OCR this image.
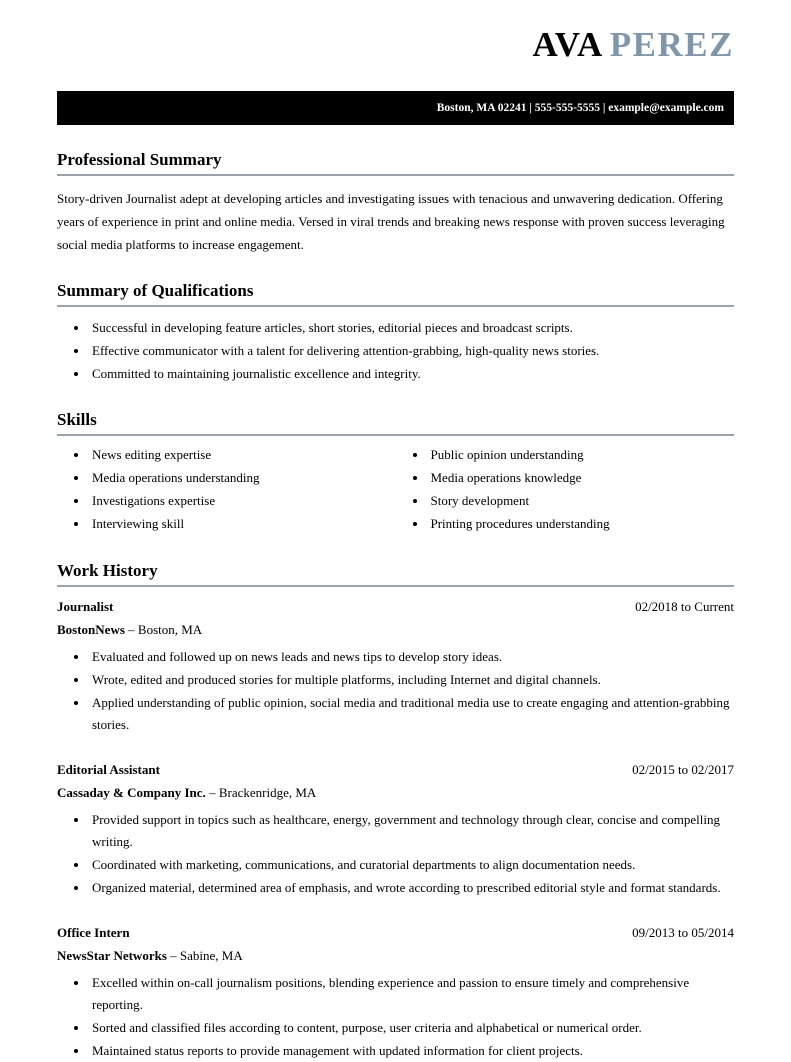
AVA PEREZ
Boston, MA 02241 | 555-555-5555 | example@example.com
Professional Summary

Story-driven Journalist adept at developing articles and investigating issues with tenacious and unwavering dedication. Offering years of experience in print and online media. Versed in viral trends and breaking news response with proven success leveraging social media platforms to increase engagement.

Summary of Qualifications
• Successful in developing feature articles, short stories, editorial pieces and broadcast scripts.
• Effective communicator with a talent for delivering attention-grabbing, high-quality news stories.
• Committed to maintaining journalistic excellence and integrity.
Skills
• News editing expertise
• Media operations understanding
• Investigations expertise
• Interviewing skill
• Public opinion understanding
• Media operations knowledge
• Story development
• Printing procedures understanding
Work History
Journalist	02/2018 to Current
BostonNews – Boston, MA
• Evaluated and followed up on news leads and news tips to develop story ideas.
• Wrote, edited and produced stories for multiple platforms, including Internet and digital channels.
• Applied understanding of public opinion, social media and traditional media use to create engaging and attention-grabbing stories.
Editorial Assistant	02/2015 to 02/2017
Cassaday & Company Inc. – Brackenridge, MA
• Provided support in topics such as healthcare, energy, government and technology through clear, concise and compelling writing.
• Coordinated with marketing, communications, and curatorial departments to align documentation needs.
• Organized material, determined area of emphasis, and wrote according to prescribed editorial style and format standards.
Office Intern	09/2013 to 05/2014
NewsStar Networks – Sabine, MA
• Excelled within on-call journalism positions, blending experience and passion to ensure timely and comprehensive reporting.
• Sorted and classified files according to content, purpose, user criteria and alphabetical or numerical order.
• Maintained status reports to provide management with updated information for client projects.
